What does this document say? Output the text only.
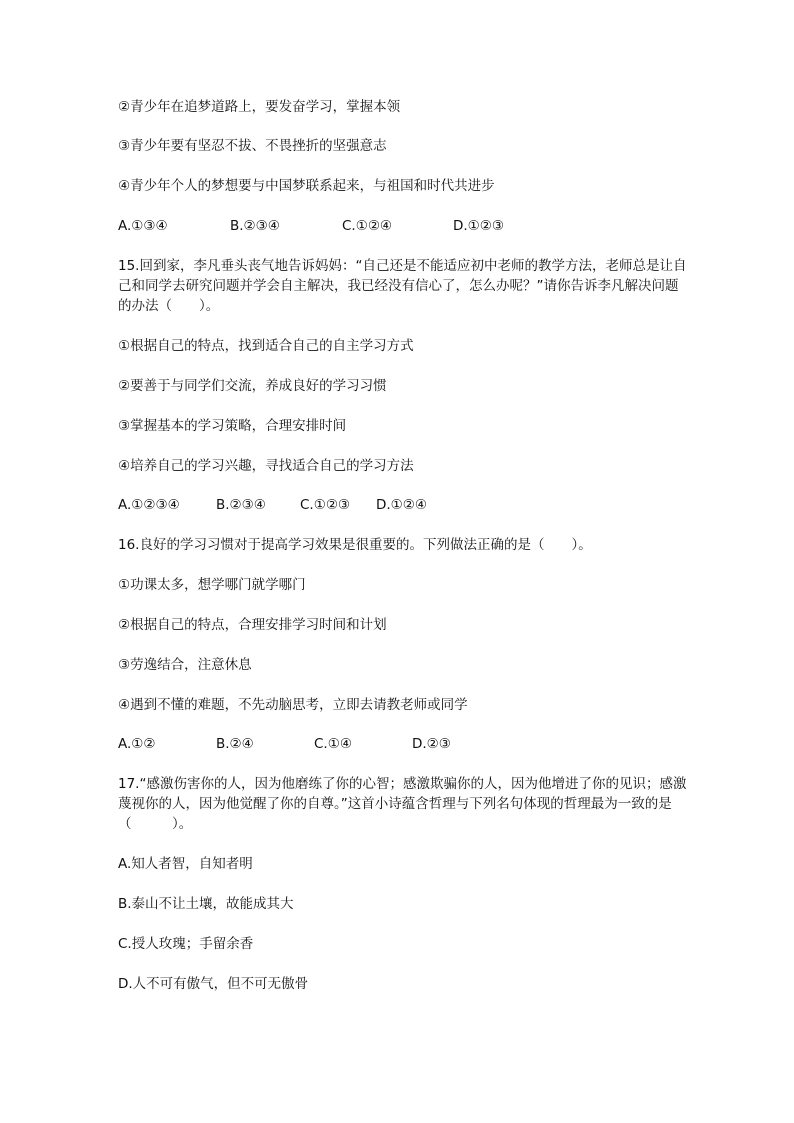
②青少年在追梦道路上，要发奋学习，掌握本领
③青少年要有坚忍不拔、不畏挫折的坚强意志
④青少年个人的梦想要与中国梦联系起来，与祖国和时代共进步
A.①③④	B.②③④	C.①②④	D.①②③
15.回到家，李凡垂头丧气地告诉妈妈：“自己还是不能适应初中老师的教学方法，老师总是让自己和同学去研究问题并学会自主解决，我已经没有信心了，怎么办呢？”请你告诉李凡解决问题的办法（　　）。
①根据自己的特点，找到适合自己的自主学习方式
②要善于与同学们交流，养成良好的学习习惯
③掌握基本的学习策略，合理安排时间
④培养自己的学习兴趣，寻找适合自己的学习方法
A.①②③④	B.②③④	C.①②③ D.①②④
16.良好的学习习惯对于提高学习效果是很重要的。下列做法正确的是（　　）。
①功课太多，想学哪门就学哪门
②根据自己的特点，合理安排学习时间和计划
③劳逸结合，注意休息
④遇到不懂的难题，不先动脑思考，立即去请教老师或同学
A.①②	B.②④	C.①④	D.②③
17.“感激伤害你的人，因为他磨练了你的心智；感激欺骗你的人，因为他增进了你的见识；感激蔑视你的人，因为他觉醒了你的自尊。”这首小诗蕴含哲理与下列名句体现的哲理最为一致的是（　　　）。
A.知人者智，自知者明
B.泰山不让土壤，故能成其大
C.授人玫瑰；手留余香
D.人不可有傲气，但不可无傲骨
